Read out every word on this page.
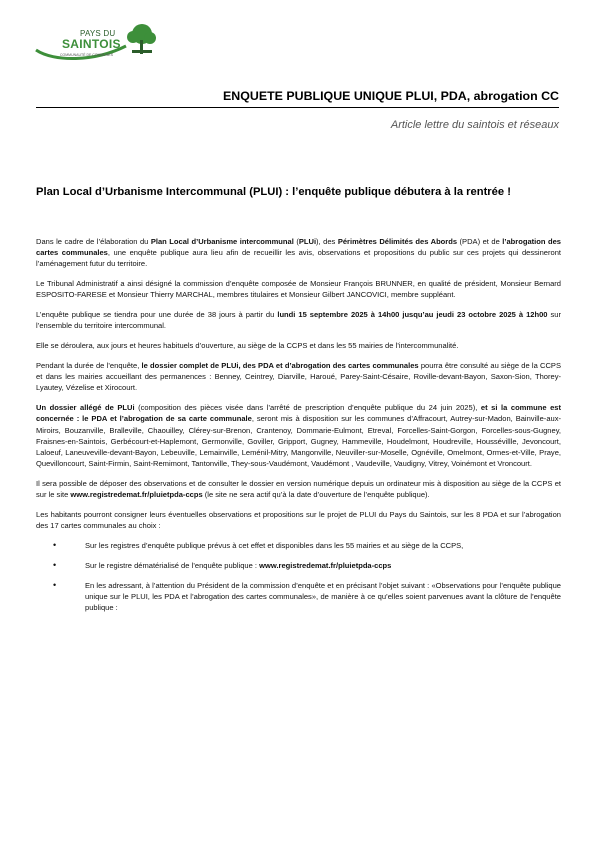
PAYS DU
SAINTOIS
COMMUNAUTÉ DE COMMUNES
ENQUETE PUBLIQUE UNIQUE PLUI, PDA, abrogation CC
Article lettre du saintois et réseaux
Plan Local d’Urbanisme Intercommunal (PLUI) : l’enquête publique débutera à la rentrée !

Dans le cadre de l’élaboration du Plan Local d’Urbanisme intercommunal (PLUi), des Périmètres Délimités des Abords (PDA) et de l’abrogation des cartes communales, une enquête publique aura lieu afin de recueillir les avis, observations et propositions du public sur ces projets qui dessineront l’aménagement futur du territoire.

Le Tribunal Administratif a ainsi désigné la commission d’enquête composée de Monsieur François BRUNNER, en qualité de président, Monsieur Bernard ESPOSITO-FARESE et Monsieur Thierry MARCHAL, membres titulaires et Monsieur Gilbert JANCOVICI, membre suppléant.

L’enquête publique se tiendra pour une durée de 38 jours à partir du lundi 15 septembre 2025 à 14h00 jusqu’au jeudi 23 octobre 2025 à 12h00 sur l’ensemble du territoire intercommunal.

Elle se déroulera, aux jours et heures habituels d’ouverture, au siège de la CCPS et dans les 55 mairies de l’intercommunalité.

Pendant la durée de l’enquête, le dossier complet de PLUi, des PDA et d’abrogation des cartes communales pourra être consulté au siège de la CCPS et dans les mairies accueillant des permanences : Benney, Ceintrey, Diarville, Haroué, Parey-Saint-Césaire, Roville-devant-Bayon, Saxon-Sion, Thorey-Lyautey, Vézelise et Xirocourt.

Un dossier allégé de PLUi (composition des pièces visée dans l’arrêté de prescription d’enquête publique du 24 juin 2025), et si la commune est concernée : le PDA et l’abrogation de sa carte communale, seront mis à disposition sur les communes d’Affracourt, Autrey-sur-Madon, Bainville-aux-Miroirs, Bouzanville, Bralleville, Chaouilley, Clérey-sur-Brenon, Crantenoy, Dommarie-Eulmont, Etreval, Forcelles-Saint-Gorgon, Forcelles-sous-Gugney, Fraisnes-en-Saintois, Gerbécourt-et-Haplemont, Germonville, Goviller, Gripport, Gugney, Hammeville, Houdelmont, Houdreville, Houssévillle, Jevoncourt, Laloeuf, Laneuveville-devant-Bayon, Lebeuville, Lemainville, Leménil-Mitry, Mangonville, Neuviller-sur-Moselle, Ognéville, Omelmont, Ormes-et-Ville, Praye, Quevilloncourt, Saint-Firmin, Saint-Remimont, Tantonville, They-sous-Vaudémont, Vaudémont , Vaudeville, Vaudigny, Vitrey, Voinémont et Vroncourt.

Il sera possible de déposer des observations et de consulter le dossier en version numérique depuis un ordinateur mis à disposition au siège de la CCPS et sur le site www.registredemat.fr/pluietpda-ccps (le site ne sera actif qu’à la date d’ouverture de l’enquête publique).

Les habitants pourront consigner leurs éventuelles observations et propositions sur le projet de PLUI du Pays du Saintois, sur les 8 PDA et sur l’abrogation des 17 cartes communales au choix :

•	Sur les registres d’enquête publique prévus à cet effet et disponibles dans les 55 mairies et au siège de la CCPS,
•	Sur le registre dématérialisé de l’enquête publique : www.registredemat.fr/pluietpda-ccps
•	En les adressant, à l’attention du Président de la commission d’enquête et en précisant l’objet suivant : «Observations pour l’enquête publique unique sur le PLUI, les PDA et l’abrogation des cartes communales», de manière à ce qu’elles soient parvenues avant la clôture de l’enquête publique :
